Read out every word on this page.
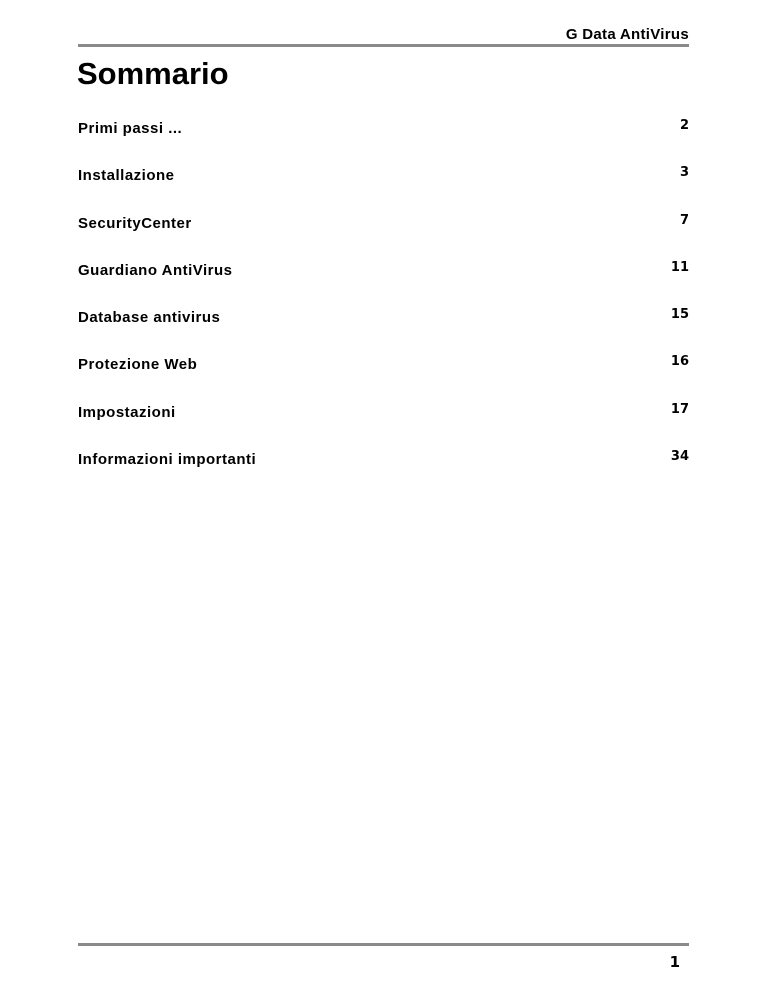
G Data AntiVirus
Sommario
Primi passi ...	2
Installazione	3
SecurityCenter	7
Guardiano AntiVirus	11
Database antivirus	15
Protezione Web	16
Impostazioni	17
Informazioni importanti	34
1
